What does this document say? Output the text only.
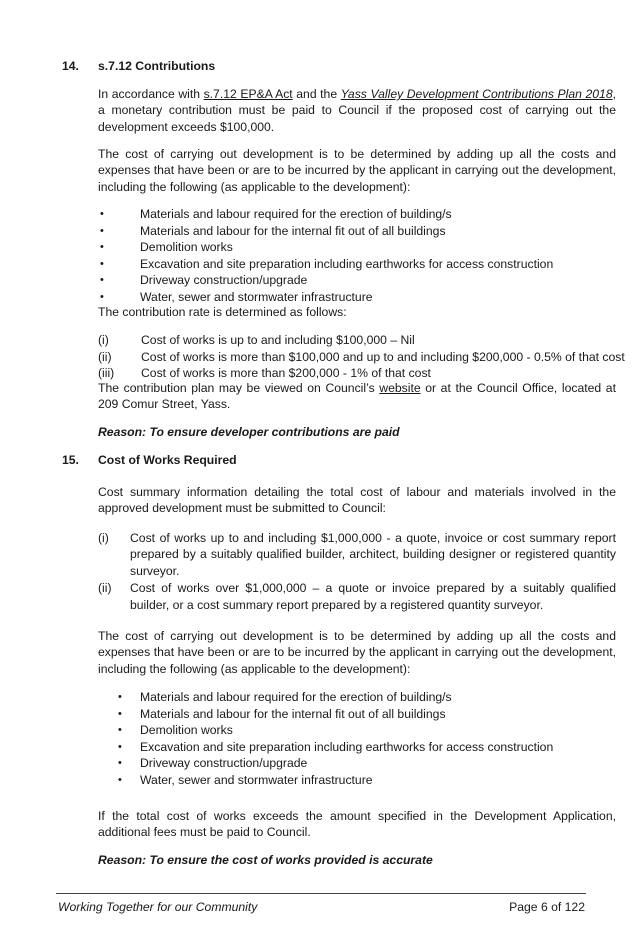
14.	s.7.12 Contributions
In accordance with s.7.12 EP&A Act and the Yass Valley Development Contributions Plan 2018, a monetary contribution must be paid to Council if the proposed cost of carrying out the development exceeds $100,000.
The cost of carrying out development is to be determined by adding up all the costs and expenses that have been or are to be incurred by the applicant in carrying out the development, including the following (as applicable to the development):
•	Materials and labour required for the erection of building/s
•	Materials and labour for the internal fit out of all buildings
•	Demolition works
•	Excavation and site preparation including earthworks for access construction
•	Driveway construction/upgrade
•	Water, sewer and stormwater infrastructure
The contribution rate is determined as follows:
(i)	Cost of works is up to and including $100,000 – Nil
(ii) Cost of works is more than $100,000 and up to and including $200,000 - 0.5% of that cost
(iii) Cost of works is more than $200,000 - 1% of that cost
The contribution plan may be viewed on Council’s website or at the Council Office, located at 209 Comur Street, Yass.
Reason: To ensure developer contributions are paid
15.	Cost of Works Required
Cost summary information detailing the total cost of labour and materials involved in the approved development must be submitted to Council:
(i) Cost of works up to and including $1,000,000 - a quote, invoice or cost summary report prepared by a suitably qualified builder, architect, building designer or registered quantity surveyor.
(ii) Cost of works over $1,000,000 – a quote or invoice prepared by a suitably qualified builder, or a cost summary report prepared by a registered quantity surveyor.
The cost of carrying out development is to be determined by adding up all the costs and expenses that have been or are to be incurred by the applicant in carrying out the development, including the following (as applicable to the development):
• Materials and labour required for the erection of building/s
• Materials and labour for the internal fit out of all buildings
• Demolition works
• Excavation and site preparation including earthworks for access construction
• Driveway construction/upgrade
• Water, sewer and stormwater infrastructure
If the total cost of works exceeds the amount specified in the Development Application, additional fees must be paid to Council.
Reason: To ensure the cost of works provided is accurate
Working Together for our Community	Page 6 of 122
